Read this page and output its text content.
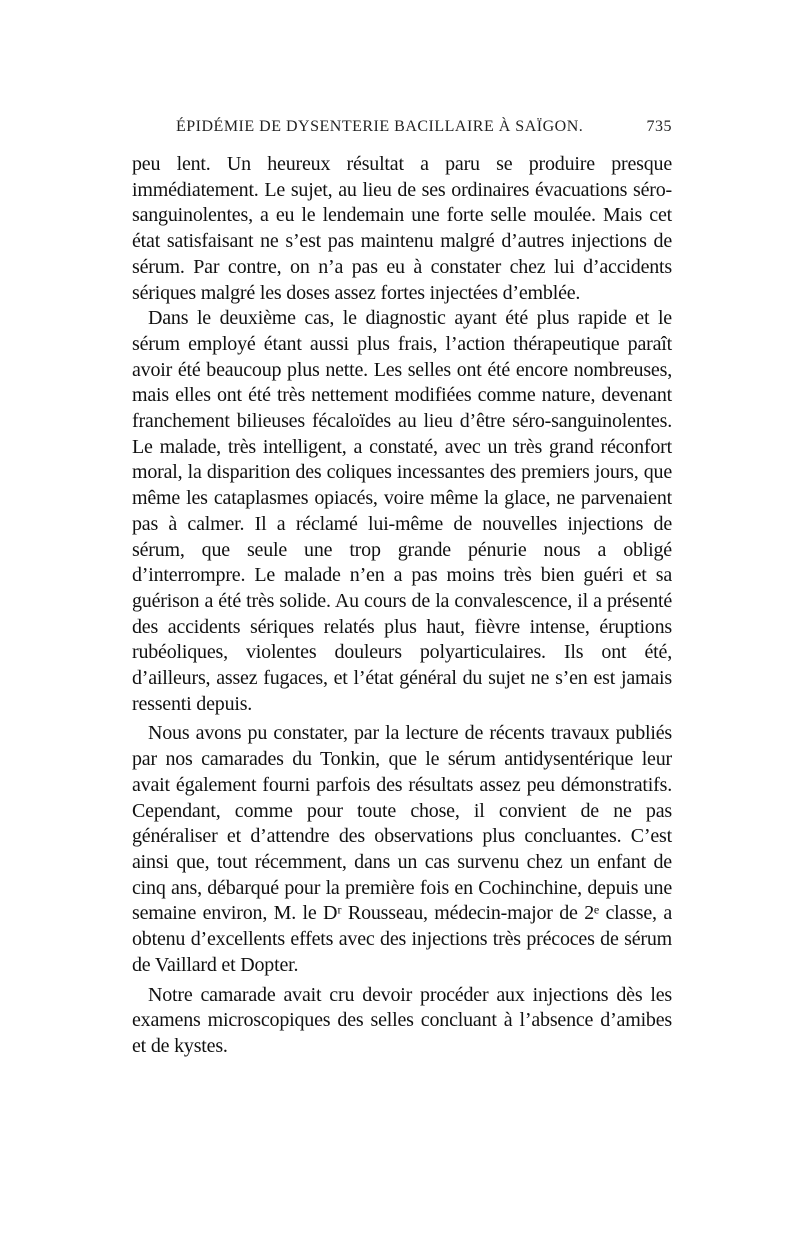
ÉPIDÉMIE DE DYSENTERIE BACILLAIRE À SAÏGON.	735

peu lent. Un heureux résultat a paru se produire presque immédiatement. Le sujet, au lieu de ses ordinaires évacuations séro-sanguinolentes, a eu le lendemain une forte selle moulée. Mais cet état satisfaisant ne s’est pas maintenu malgré d’autres injections de sérum. Par contre, on n’a pas eu à constater chez lui d’accidents sériques malgré les doses assez fortes injectées d’emblée.

Dans le deuxième cas, le diagnostic ayant été plus rapide et le sérum employé étant aussi plus frais, l’action thérapeutique paraît avoir été beaucoup plus nette. Les selles ont été encore nombreuses, mais elles ont été très nettement modifiées comme nature, devenant franchement bilieuses fécaloïdes au lieu d’être séro-sanguinolentes. Le malade, très intelligent, a constaté, avec un très grand réconfort moral, la disparition des coliques incessantes des premiers jours, que même les cataplasmes opiacés, voire même la glace, ne parvenaient pas à calmer. Il a réclamé lui-même de nouvelles injections de sérum, que seule une trop grande pénurie nous a obligé d’interrompre. Le malade n’en a pas moins très bien guéri et sa guérison a été très solide. Au cours de la convalescence, il a présenté des accidents sériques relatés plus haut, fièvre intense, éruptions rubéoliques, violentes douleurs polyarticulaires. Ils ont été, d’ailleurs, assez fugaces, et l’état général du sujet ne s’en est jamais ressenti depuis.

Nous avons pu constater, par la lecture de récents travaux publiés par nos camarades du Tonkin, que le sérum antidysentérique leur avait également fourni parfois des résultats assez peu démonstratifs. Cependant, comme pour toute chose, il convient de ne pas généraliser et d’attendre des observations plus concluantes. C’est ainsi que, tout récemment, dans un cas survenu chez un enfant de cinq ans, débarqué pour la première fois en Cochinchine, depuis une semaine environ, M. le Dʳ Rousseau, médecin-major de 2ᵉ classe, a obtenu d’excellents effets avec des injections très précoces de sérum de Vaillard et Dopter.

Notre camarade avait cru devoir procéder aux injections dès les examens microscopiques des selles concluant à l’absence d’amibes et de kystes.
